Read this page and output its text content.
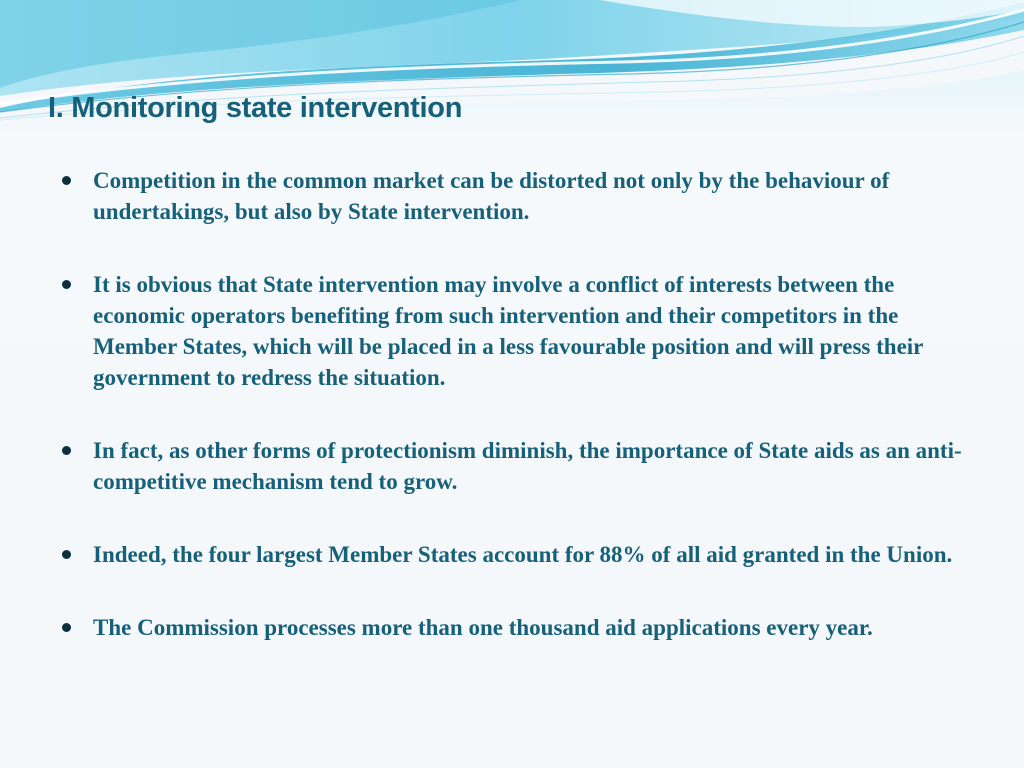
I. Monitoring state intervention
Competition in the common market can be distorted not only by the behaviour of undertakings, but also by State intervention.
It is obvious that State intervention may involve a conflict of interests between the economic operators benefiting from such intervention and their competitors in the Member States, which will be placed in a less favourable position and will press their government to redress the situation.
In fact, as other forms of protectionism diminish, the importance of State aids as an anti-competitive mechanism tend to grow.
Indeed, the four largest Member States account for 88% of all aid granted in the Union.
The Commission processes more than one thousand aid applications every year.
